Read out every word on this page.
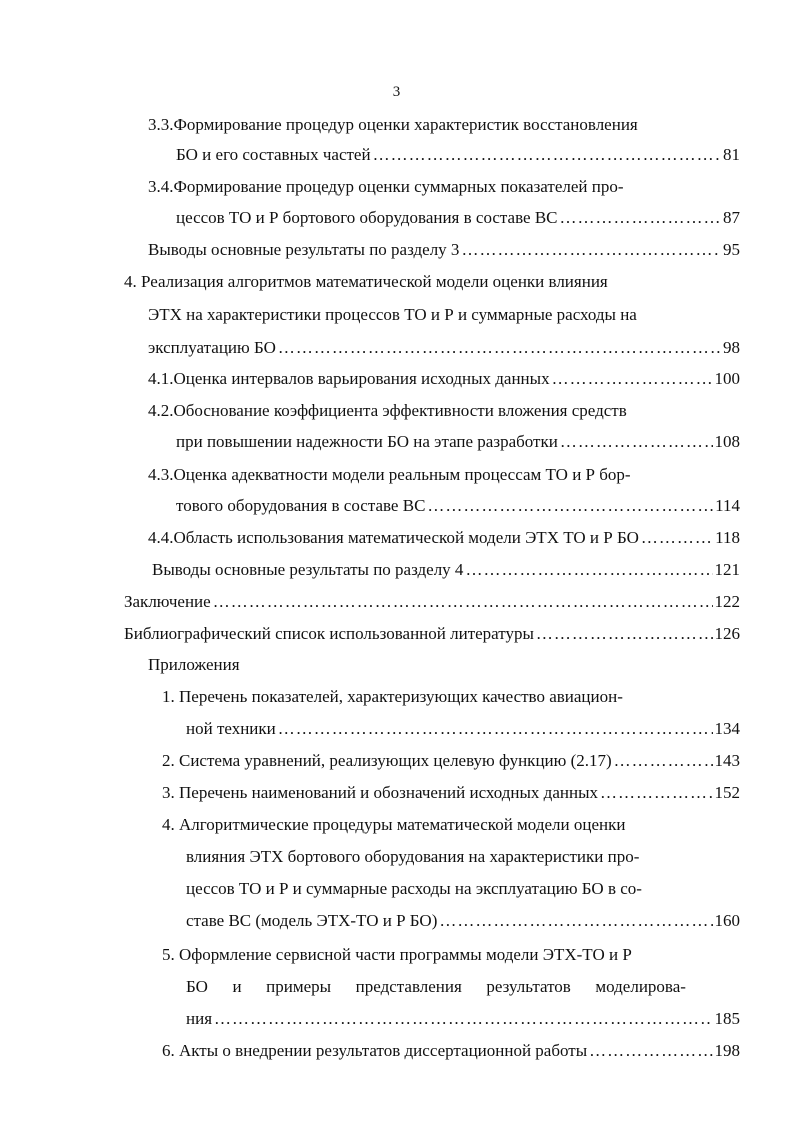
3
3.3.Формирование процедур оценки характеристик восстановления
БО и его составных частей ……………………………………………………………………………………………………………………………………………………	81
3.4.Формирование процедур оценки суммарных показателей про-
цессов ТО и Р бортового оборудования в составе ВС ……………………………………………………………………………………………………………………………………………………	87
Выводы основные результаты по разделу 3 ……………………………………………………………………………………………………………………………………………………	95
4. Реализация алгоритмов математической модели оценки влияния
ЭТХ на характеристики процессов ТО и Р и суммарные расходы на
эксплуатацию БО ……………………………………………………………………………………………………………………………………………………	98
4.1.Оценка интервалов варьирования исходных данных ……………………………………………………………………………………………………………………………………………………	100
4.2.Обоснование коэффициента эффективности вложения средств
при повышении надежности БО на этапе разработки ……………………………………………………………………………………………………………………………………………………	108
4.3.Оценка адекватности модели реальным процессам ТО и Р бор-
тового оборудования в составе ВС ……………………………………………………………………………………………………………………………………………………	114
4.4.Область использования математической модели ЭТХ ТО и Р БО ……………………………………………………………………………………………………………………………………………………	118
Выводы основные результаты по разделу 4 ……………………………………………………………………………………………………………………………………………………	121
Заключение ……………………………………………………………………………………………………………………………………………………	122
Библиографический список использованной литературы ……………………………………………………………………………………………………………………………………………………	126
Приложения
1. Перечень показателей, характеризующих качество авиацион-
ной техники ……………………………………………………………………………………………………………………………………………………	134
2. Система уравнений, реализующих целевую функцию (2.17) ……………………………………………………………………………………………………………………………………………………	143
3. Перечень наименований и обозначений исходных данных ……………………………………………………………………………………………………………………………………………………	152
4. Алгоритмические процедуры математической модели оценки
влияния ЭТХ бортового оборудования на характеристики про-
цессов ТО и Р и суммарные расходы на эксплуатацию БО в со-
ставе ВС (модель ЭТХ-ТО и Р БО) ……………………………………………………………………………………………………………………………………………………	160
5. Оформление сервисной части программы модели ЭТХ-ТО и Р
БО и примеры представления результатов моделирова-
ния ……………………………………………………………………………………………………………………………………………………	185
6. Акты о внедрении результатов диссертационной работы ……………………………………………………………………………………………………………………………………………………	198
